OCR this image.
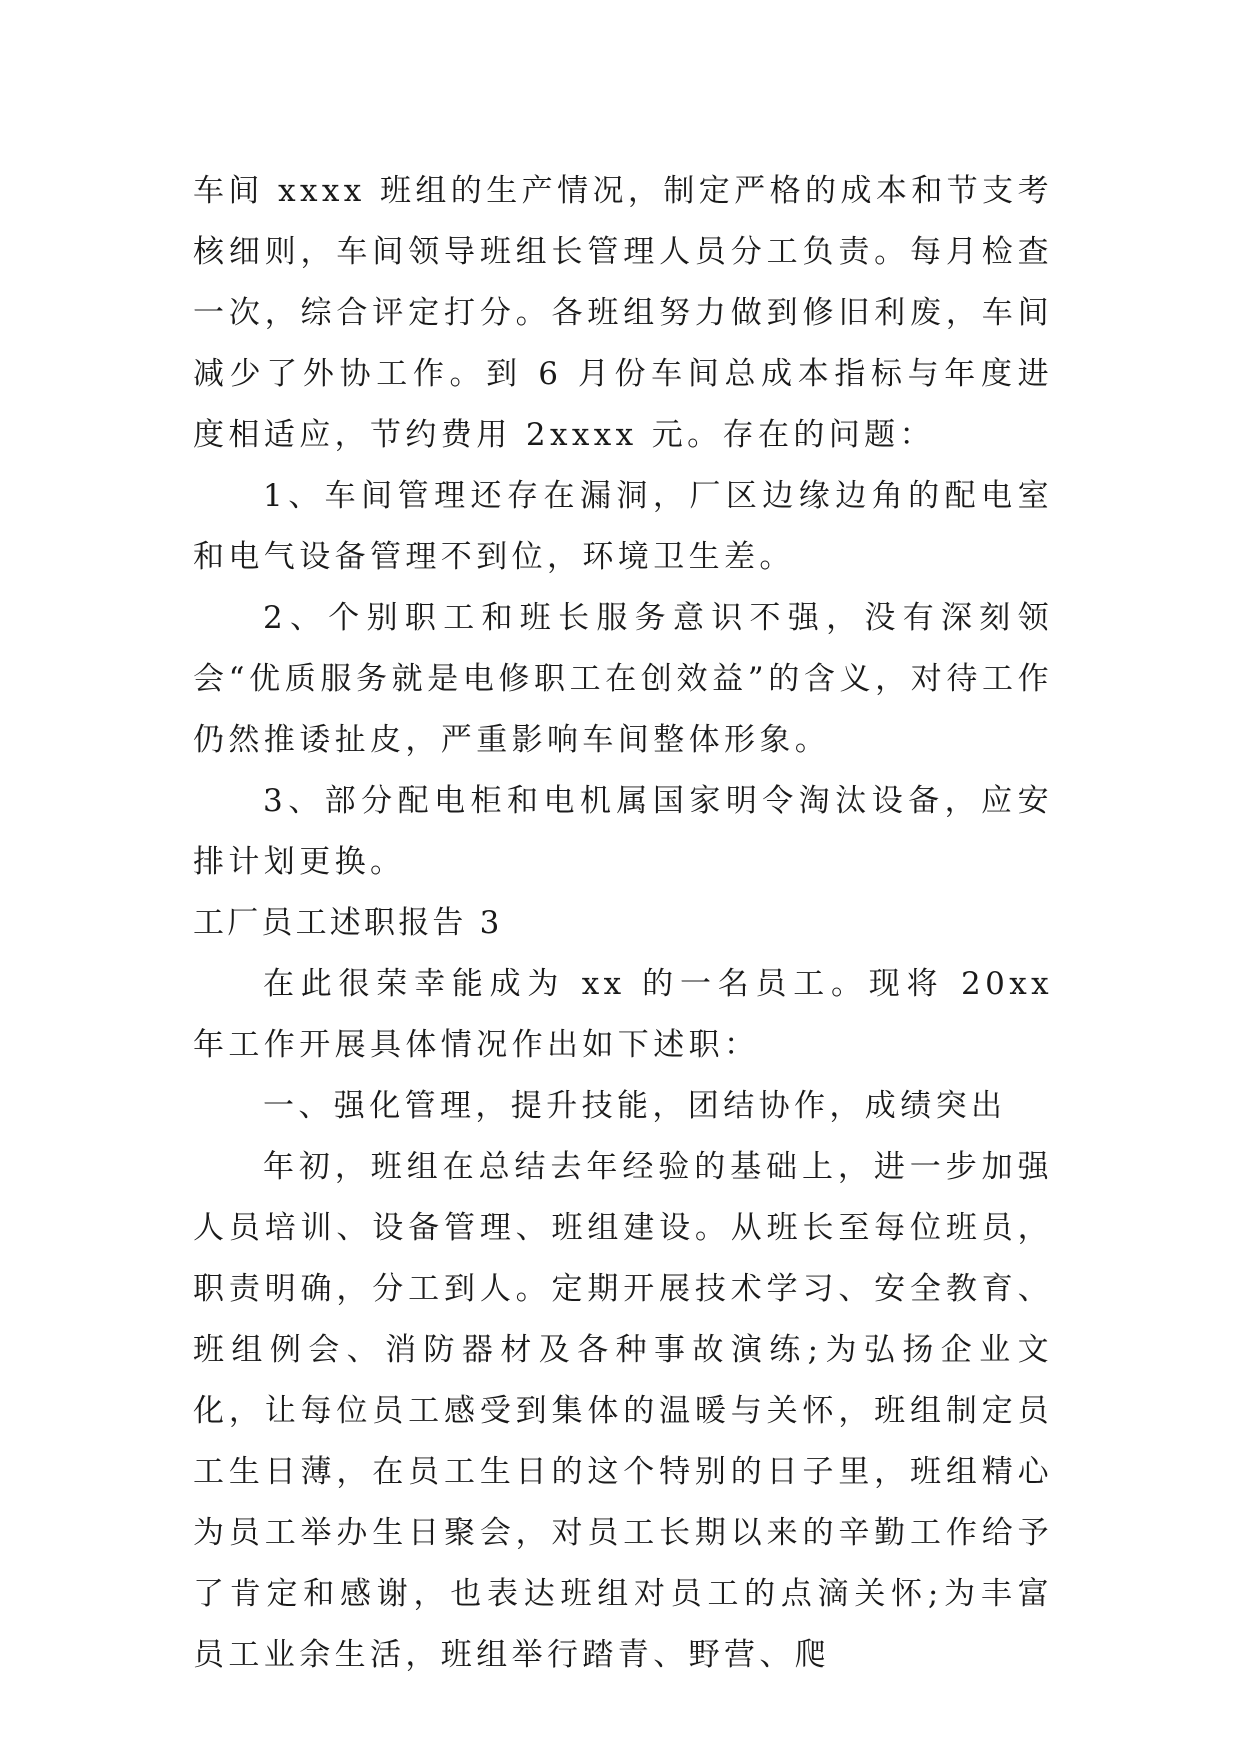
车间 xxxx 班组的生产情况，制定严格的成本和节支考核细则，车间领导班组长管理人员分工负责。每月检查一次，综合评定打分。各班组努力做到修旧利废，车间减少了外协工作。到 6 月份车间总成本指标与年度进度相适应，节约费用 2xxxx 元。存在的问题：

1、车间管理还存在漏洞，厂区边缘边角的配电室和电气设备管理不到位，环境卫生差。

2、个别职工和班长服务意识不强，没有深刻领会“优质服务就是电修职工在创效益”的含义，对待工作仍然推诿扯皮，严重影响车间整体形象。

3、部分配电柜和电机属国家明令淘汰设备，应安排计划更换。

工厂员工述职报告 3

在此很荣幸能成为 xx 的一名员工。现将 20xx 年工作开展具体情况作出如下述职：

一、强化管理，提升技能，团结协作，成绩突出

年初，班组在总结去年经验的基础上，进一步加强人员培训、设备管理、班组建设。从班长至每位班员，职责明确，分工到人。定期开展技术学习、安全教育、班组例会、消防器材及各种事故演练;为弘扬企业文化，让每位员工感受到集体的温暖与关怀，班组制定员工生日薄，在员工生日的这个特别的日子里，班组精心为员工举办生日聚会，对员工长期以来的辛勤工作给予了肯定和感谢，也表达班组对员工的点滴关怀;为丰富员工业余生活，班组举行踏青、野营、爬
